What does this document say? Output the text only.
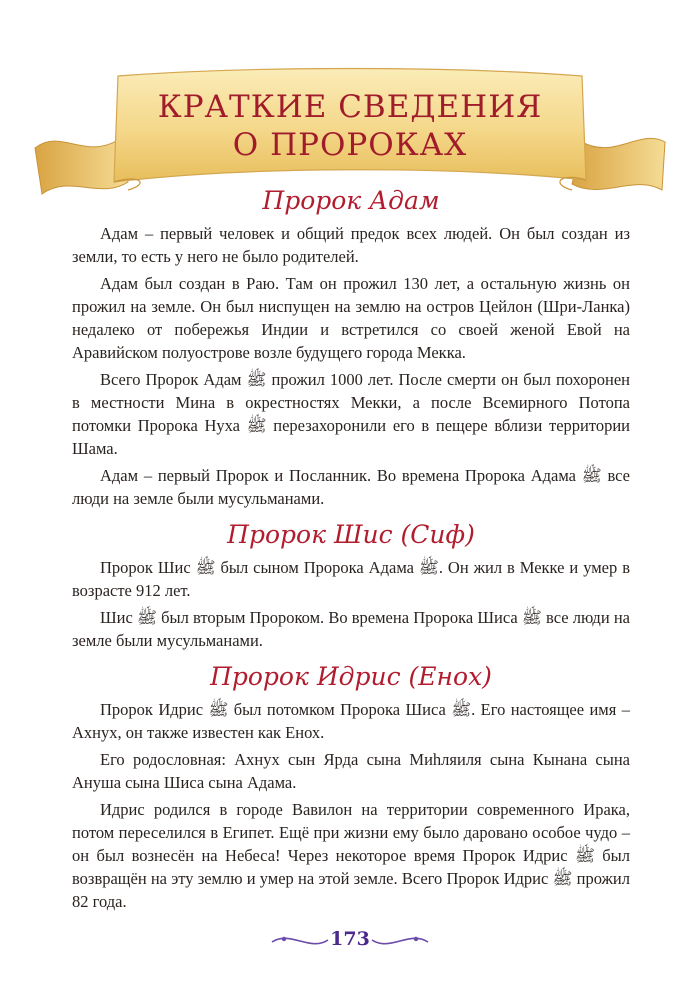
КРАТКИЕ СВЕДЕНИЯ
О ПРОРОКАХ
Пророк Адам

Адам – первый человек и общий предок всех людей. Он был создан из земли, то есть у него не было родителей.

Адам был создан в Раю. Там он прожил 130 лет, а остальную жизнь он прожил на земле. Он был ниспущен на землю на остров Цейлон (Шри-Ланка) недалеко от побережья Индии и встретился со своей женой Евой на Аравийском полуострове возле будущего города Мекка.

Всего Пророк Адам ﷺ прожил 1000 лет. После смерти он был похоронен в местности Мина в окрестностях Мекки, а после Всемирного Потопа потомки Пророка Нуха ﷺ перезахоронили его в пещере вблизи территории Шама.

Адам – первый Пророк и Посланник. Во времена Пророка Адама ﷺ все люди на земле были мусульманами.

Пророк Шис (Сиф)

Пророк Шис ﷺ был сыном Пророка Адама ﷺ. Он жил в Мекке и умер в возрасте 912 лет.

Шис ﷺ был вторым Пророком. Во времена Пророка Шиса ﷺ все люди на земле были мусульманами.

Пророк Идрис (Енох)

Пророк Идрис ﷺ был потомком Пророка Шиса ﷺ. Его настоящее имя – Ахнух, он также известен как Енох.

Его родословная: Ахнух сын Ярда сына Миһляиля сына Кынана сына Ануша сына Шиса сына Адама.

Идрис родился в городе Вавилон на территории современного Ирака, потом переселился в Египет. Ещё при жизни ему было даровано особое чудо – он был вознесён на Небеса! Через некоторое время Пророк Идрис ﷺ был возвращён на эту землю и умер на этой земле. Всего Пророк Идрис ﷺ прожил 82 года.

173
